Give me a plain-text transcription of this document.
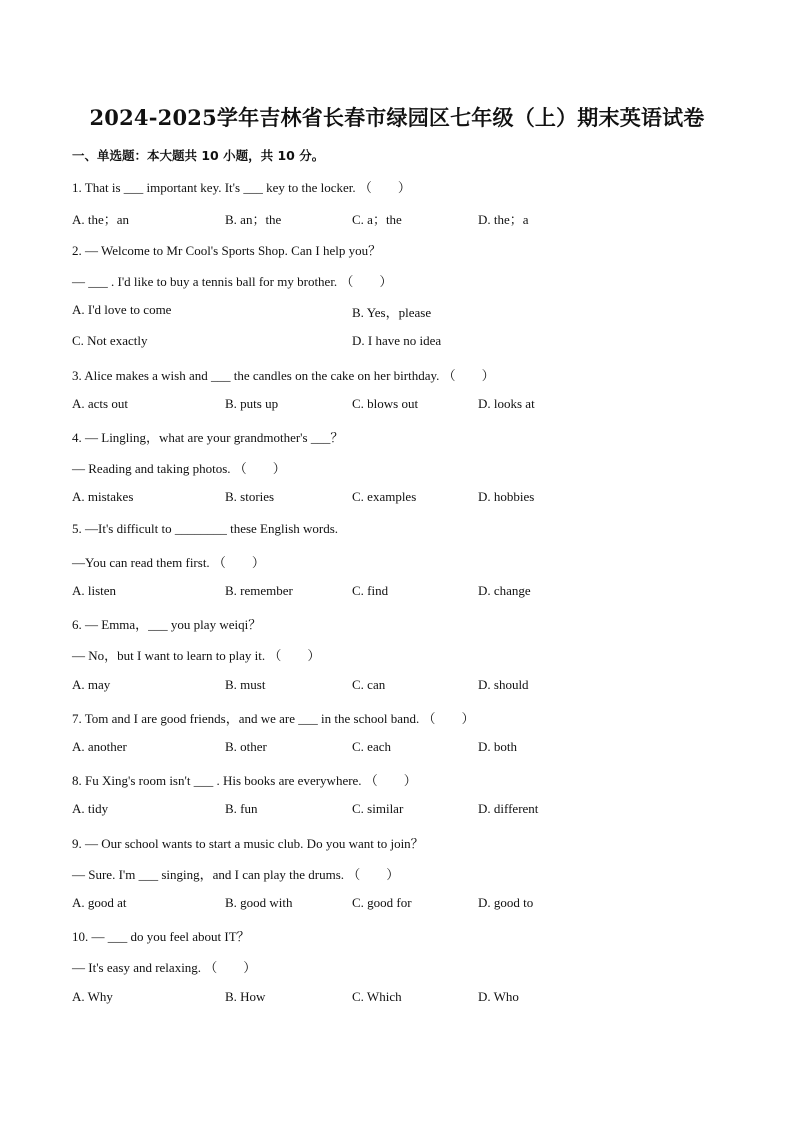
2024-2025学年吉林省长春市绿园区七年级（上）期末英语试卷
一、单选题：本大题共 10 小题，共 10 分。
1. That is ___ important key. It's ___ key to the locker. （　　）
A. the；an	B. an；the	C. a；the	D. the；a
2. — Welcome to Mr Cool's Sports Shop. Can I help you？
— ___ . I'd like to buy a tennis ball for my brother. （　　）
A. I'd love to come	B. Yes，please
C. Not exactly	D. I have no idea
3. Alice makes a wish and ___ the candles on the cake on her birthday. （　　）
A. acts out	B. puts up	C. blows out	D. looks at
4. — Lingling，what are your grandmother's ___？
— Reading and taking photos. （　　）
A. mistakes	B. stories	C. examples	D. hobbies
5. —It's difficult to ________ these English words.
—You can read them first. （　　）
A. listen	B. remember	C. find	D. change
6. — Emma，___ you play weiqi？
— No，but I want to learn to play it. （　　）
A. may	B. must	C. can	D. should
7. Tom and I are good friends，and we are ___ in the school band. （　　）
A. another	B. other	C. each	D. both
8. Fu Xing's room isn't ___ . His books are everywhere. （　　）
A. tidy	B. fun	C. similar	D. different
9. — Our school wants to start a music club. Do you want to join？
— Sure. I'm ___ singing，and I can play the drums. （　　）
A. good at	B. good with	C. good for	D. good to
10. — ___ do you feel about IT？
— It's easy and relaxing. （　　）
A. Why	B. How	C. Which	D. Who
